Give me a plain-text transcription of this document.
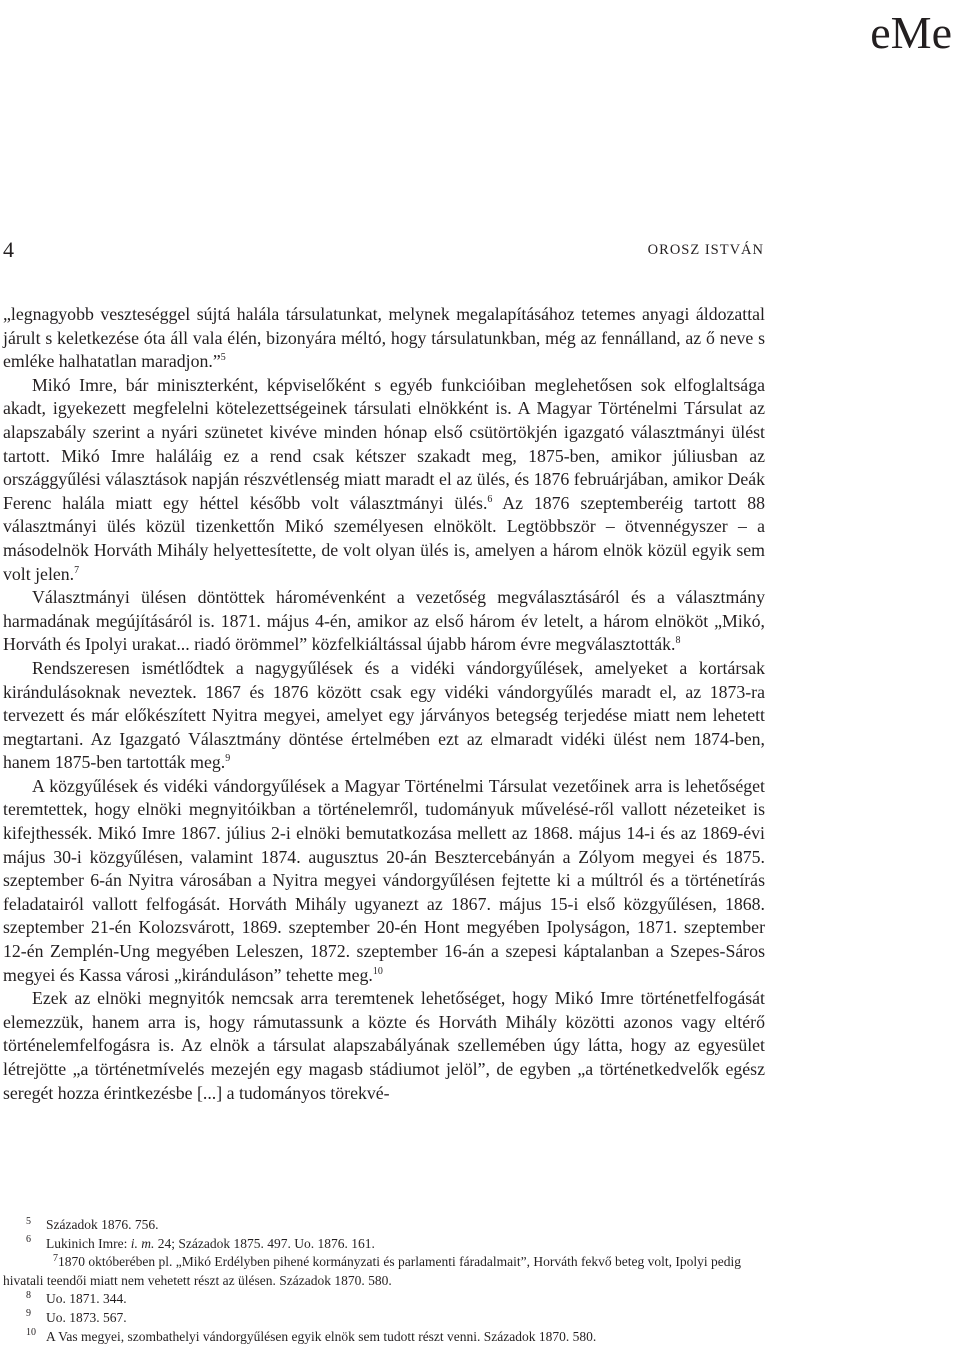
eMe
4	OROSZ ISTVÁN

„legnagyobb veszteséggel sújtá halála társulatunkat, melynek megalapításához tetemes anyagi áldozattal járult s keletkezése óta áll vala élén, bizonyára méltó, hogy társulatunkban, még az fennálland, az ő neve s emléke halhatatlan maradjon.”$^5$

Mikó Imre, bár miniszterként, képviselőként s egyéb funkcióiban meglehetősen sok elfoglaltsága akadt, igyekezett megfelelni kötelezettségeinek társulati elnökként is. A Magyar Történelmi Társulat az alapszabály szerint a nyári szünetet kivéve minden hónap első csütörtökjén igazgató választmányi ülést tartott. Mikó Imre haláláig ez a rend csak kétszer szakadt meg, 1875-ben, amikor júliusban az országgyűlési választások napján részvétlenség miatt maradt el az ülés, és 1876 februárjában, amikor Deák Ferenc halála miatt egy héttel később volt választmányi ülés.$^6$ Az 1876 szeptemberéig tartott 88 választmányi ülés közül tizenkettőn Mikó személyesen elnökölt. Legtöbbször – ötvennégyszer – a másodelnök Horváth Mihály helyettesítette, de volt olyan ülés is, amelyen a három elnök közül egyik sem volt jelen.$^7$

Választmányi ülésen döntöttek háromévenként a vezetőség megválasztásáról és a választmány harmadának megújításáról is. 1871. május 4-én, amikor az első három év letelt, a három elnököt „Mikó, Horváth és Ipolyi urakat... riadó örömmel” közfelkiáltással újabb három évre megválasztották.$^8$

Rendszeresen ismétlődtek a nagygyűlések és a vidéki vándorgyűlések, amelyeket a kortársak kirándulásoknak neveztek. 1867 és 1876 között csak egy vidéki vándorgyűlés maradt el, az 1873-ra tervezett és már előkészített Nyitra megyei, amelyet egy járványos betegség terjedése miatt nem lehetett megtartani. Az Igazgató Választmány döntése értelmében ezt az elmaradt vidéki ülést nem 1874-ben, hanem 1875-ben tartották meg.$^9$

A közgyűlések és vidéki vándorgyűlések a Magyar Történelmi Társulat vezetőinek arra is lehetőséget teremtettek, hogy elnöki megnyitóikban a történelemről, tudományuk művelésé-ről vallott nézeteiket is kifejthessék. Mikó Imre 1867. július 2-i elnöki bemutatkozása mellett az 1868. május 14-i és az 1869-évi május 30-i közgyűlésen, valamint 1874. augusztus 20-án Besztercebányán a Zólyom megyei és 1875. szeptember 6-án Nyitra városában a Nyitra megyei vándorgyűlésen fejtette ki a múltról és a történetírás feladatairól vallott felfogását. Horváth Mihály ugyanezt az 1867. május 15-i első közgyűlésen, 1868. szeptember 21-én Kolozsvárott, 1869. szeptember 20-én Hont megyében Ipolyságon, 1871. szeptember 12-én Zemplén-Ung megyében Leleszen, 1872. szeptember 16-án a szepesi káptalanban a Szepes-Sáros megyei és Kassa városi „kiránduláson” tehette meg.$^{10}$

Ezek az elnöki megnyitók nemcsak arra teremtenek lehetőséget, hogy Mikó Imre történetfelfogását elemezzük, hanem arra is, hogy rámutassunk a közte és Horváth Mihály közötti azonos vagy eltérő történelemfelfogásra is. Az elnök a társulat alapszabályának szellemében úgy látta, hogy az egyesület létrejötte „a történetmívelés mezején egy magasb stádiumot jelöl”, de egyben „a történetkedvelők egész seregét hozza érintkezésbe [...] a tudományos törekvé-

$^5$ Századok 1876. 756.

$^6$ Lukinich Imre: i. m. 24; Századok 1875. 497. Uo. 1876. 161.

$^7$1870 októberében pl. „Mikó Erdélyben pihené kormányzati és parlamenti fáradalmait”, Horváth fekvő beteg volt, Ipolyi pedig hivatali teendői miatt nem vehetett részt az ülésen. Századok 1870. 580.

$^8$ Uo. 1871. 344.

$^9$ Uo. 1873. 567.

$^{10}$ A Vas megyei, szombathelyi vándorgyűlésen egyik elnök sem tudott részt venni. Századok 1870. 580.
